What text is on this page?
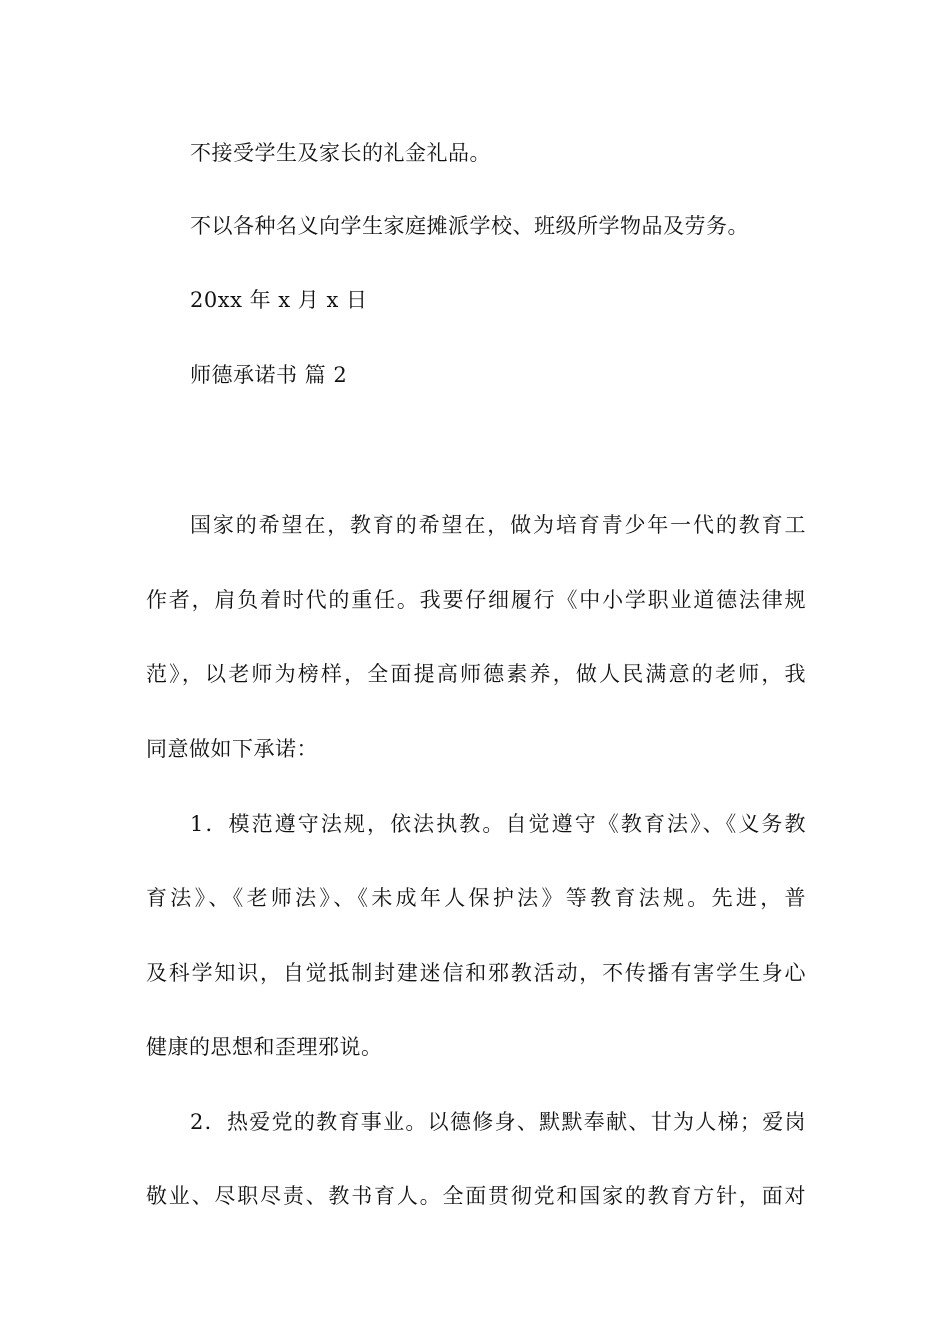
不接受学生及家长的礼金礼品。
不以各种名义向学生家庭摊派学校、班级所学物品及劳务。
20xx 年 x 月 x 日
师德承诺书 篇 2
国家的希望在，教育的希望在，做为培育青少年一代的教育工
作者，肩负着时代的重任。我要仔细履行《中小学职业道德法律规
范》，以老师为榜样，全面提高师德素养，做人民满意的老师，我
同意做如下承诺：
1．模范遵守法规，依法执教。自觉遵守《教育法》、《义务教
育法》、《老师法》、《未成年人保护法》等教育法规。先进，普
及科学知识，自觉抵制封建迷信和邪教活动，不传播有害学生身心
健康的思想和歪理邪说。
2．热爱党的教育事业。以德修身、默默奉献、甘为人梯；爱岗
敬业、尽职尽责、教书育人。全面贯彻党和国家的教育方针，面对
